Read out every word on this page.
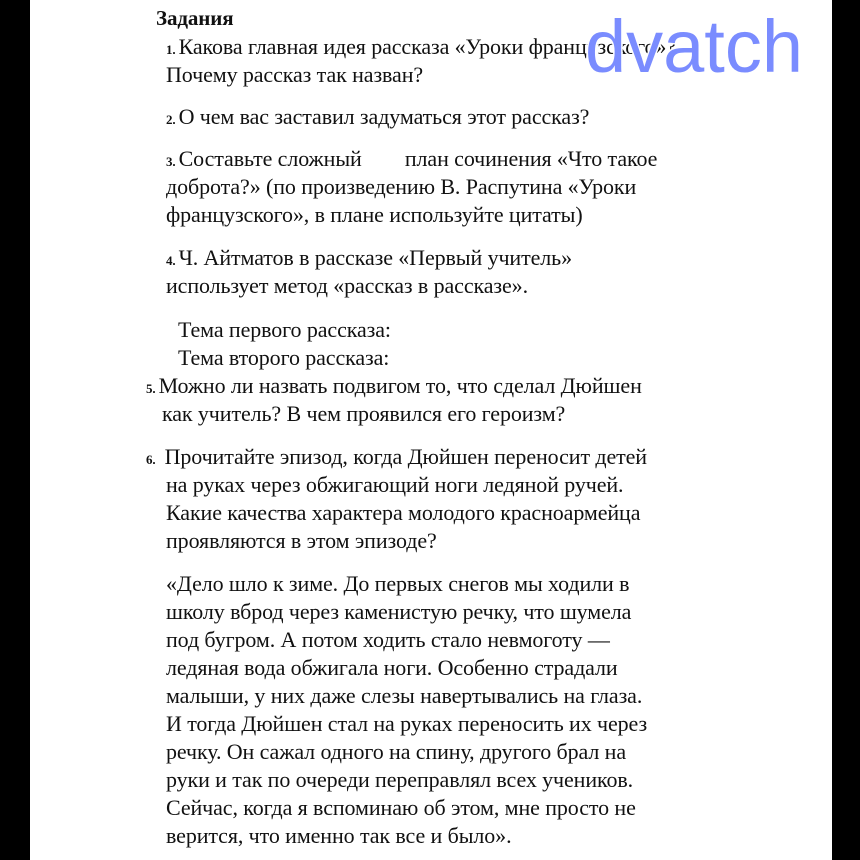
Задания
1. Какова главная идея рассказа «Уроки французского»?
Почему рассказ так назван?
2. О чем вас заставил задуматься этот рассказ?
3. Составьте сложный        план сочинения «Что такое
доброта?» (по произведению В. Распутина «Уроки
французского», в плане используйте цитаты)
4. Ч. Айтматов в рассказе «Первый учитель»
использует метод «рассказ в рассказе».
Тема первого рассказа:
Тема второго рассказа:
5. Можно ли назвать подвигом то, что сделал Дюйшен
как учитель? В чем проявился его героизм?
6. Прочитайте эпизод, когда Дюйшен переносит детей
на руках через обжигающий ноги ледяной ручей.
Какие качества характера молодого красноармейца
проявляются в этом эпизоде?
«Дело шло к зиме. До первых снегов мы ходили в
школу вброд через каменистую речку, что шумела
под бугром. А потом ходить стало невмоготу —
ледяная вода обжигала ноги. Особенно страдали
малыши, у них даже слезы навертывались на глаза.
И тогда Дюйшен стал на руках переносить их через
речку. Он сажал одного на спину, другого брал на
руки и так по очереди переправлял всех учеников.
Сейчас, когда я вспоминаю об этом, мне просто не
верится, что именно так все и было».
dvatch
